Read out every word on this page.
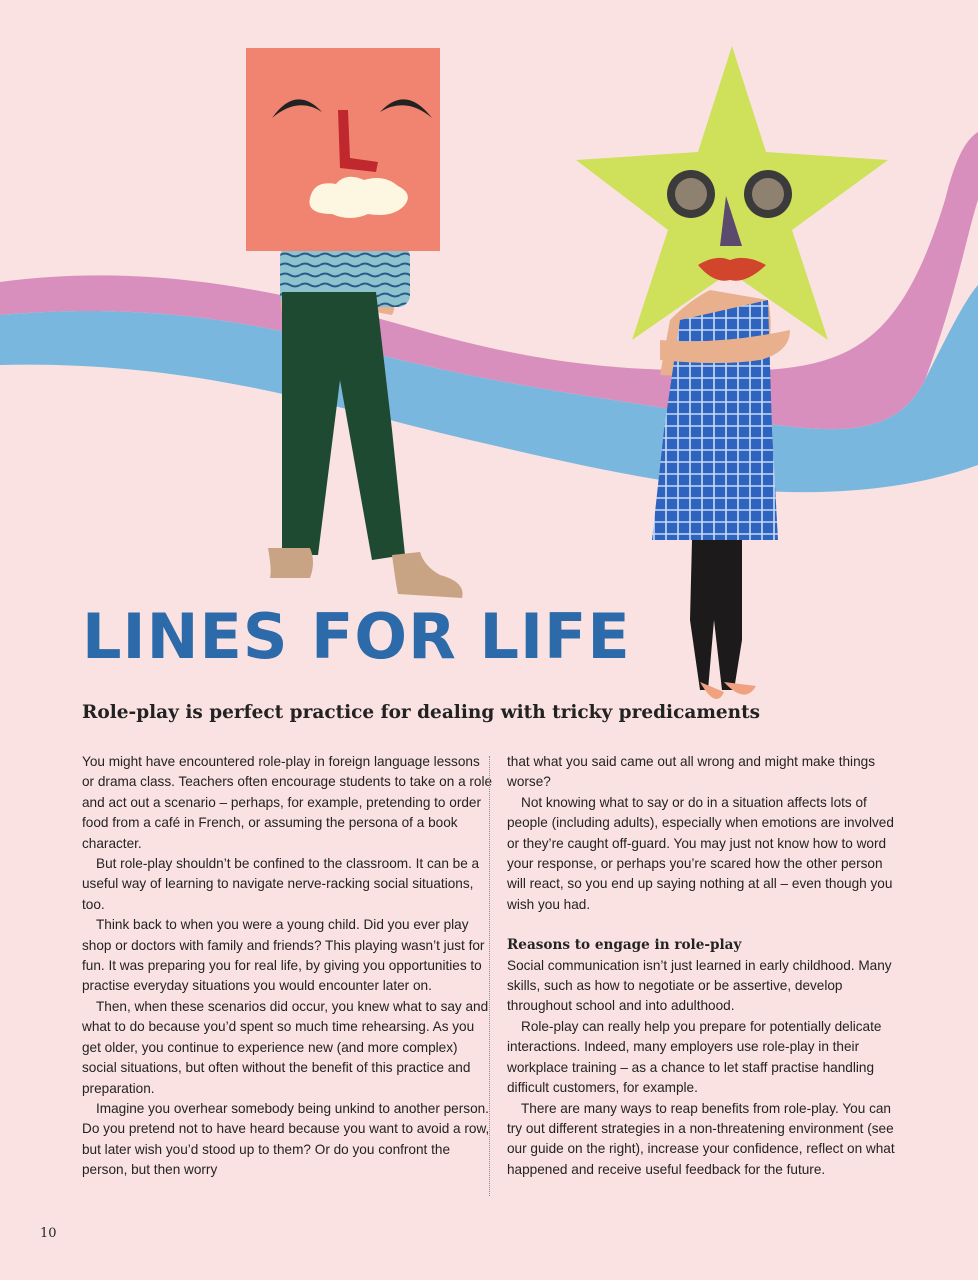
LINES FOR LIFE
Role-play is perfect practice for dealing with tricky predicaments

You might have encountered role-play in foreign language lessons or drama class. Teachers often encourage students to take on a role and act out a scenario – perhaps, for example, pretending to order food from a café in French, or assuming the persona of a book character.

But role-play shouldn’t be confined to the classroom. It can be a useful way of learning to navigate nerve-racking social situations, too.

Think back to when you were a young child. Did you ever play shop or doctors with family and friends? This playing wasn’t just for fun. It was preparing you for real life, by giving you opportunities to practise everyday situations you would encounter later on.

Then, when these scenarios did occur, you knew what to say and what to do because you’d spent so much time rehearsing. As you get older, you continue to experience new (and more complex) social situations, but often without the benefit of this practice and preparation.

Imagine you overhear somebody being unkind to another person. Do you pretend not to have heard because you want to avoid a row, but later wish you’d stood up to them? Or do you confront the person, but then worry

that what you said came out all wrong and might make things worse?

Not knowing what to say or do in a situation affects lots of people (including adults), especially when emotions are involved or they’re caught off-guard. You may just not know how to word your response, or perhaps you’re scared how the other person will react, so you end up saying nothing at all – even though you wish you had.

Reasons to engage in role-play

Social communication isn’t just learned in early childhood. Many skills, such as how to negotiate or be assertive, develop throughout school and into adulthood.

Role-play can really help you prepare for potentially delicate interactions. Indeed, many employers use role-play in their workplace training – as a chance to let staff practise handling difficult customers, for example.

There are many ways to reap benefits from role-play. You can try out different strategies in a non-threatening environment (see our guide on the right), increase your confidence, reflect on what happened and receive useful feedback for the future.

10
